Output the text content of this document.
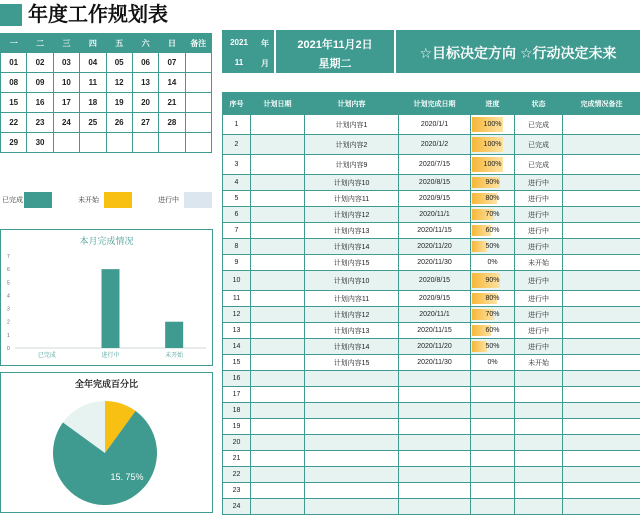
年度工作规划表
一	二	三	四	五	六	日	备注
01	02	03	04	05	06	07	
08	09	10	11	12	13	14	
15	16	17	18	19	20	21	
22	23	24	25	26	27	28	
29	30						
已完成	未开始	进行中
本月完成情况
0
1
2
3
4
5
6
7
已完成	进行中	未开始
全年完成百分比
15. 75%
2021	年
11	月
2021年11月2日
星期二
☆目标决定方向 ☆行动决定未来
序号	计划日期	计划内容	计划完成日期	进度	状态	完成情况备注
1		计划内容1	2020/1/1	100%	已完成	
2		计划内容2	2020/1/2	100%	已完成	
3		计划内容9	2020/7/15	100%	已完成	
4		计划内容10	2020/8/15	90%	进行中	
5		计划内容11	2020/9/15	80%	进行中	
6		计划内容12	2020/11/1	70%	进行中	
7		计划内容13	2020/11/15	60%	进行中	
8		计划内容14	2020/11/20	50%	进行中	
9		计划内容15	2020/11/30	0%	未开始	
10		计划内容10	2020/8/15	90%	进行中	
11		计划内容11	2020/9/15	80%	进行中	
12		计划内容12	2020/11/1	70%	进行中	
13		计划内容13	2020/11/15	60%	进行中	
14		计划内容14	2020/11/20	50%	进行中	
15		计划内容15	2020/11/30	0%	未开始	
16						
17						
18						
19						
20						
21						
22						
23						
24						
